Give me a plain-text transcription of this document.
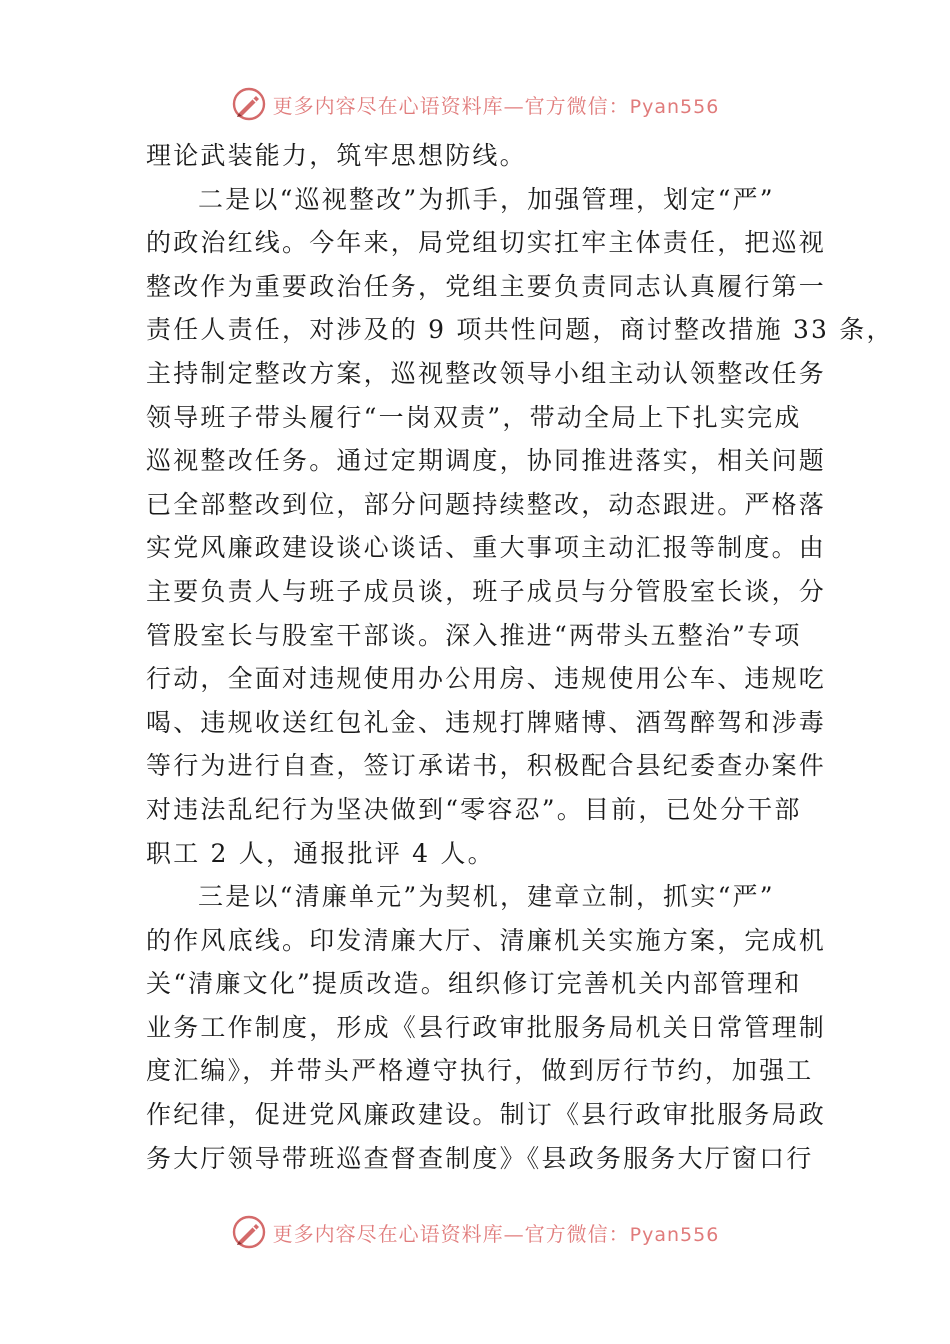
更多内容尽在心语资料库—官方微信：Pyan556
理论武装能力，筑牢思想防线。
二是以“巡视整改”为抓手，加强管理，划定“严”
的政治红线。今年来，局党组切实扛牢主体责任，把巡视
整改作为重要政治任务，党组主要负责同志认真履行第一
责任人责任，对涉及的 9 项共性问题，商讨整改措施 33 条，
主持制定整改方案，巡视整改领导小组主动认领整改任务
领导班子带头履行“一岗双责”，带动全局上下扎实完成
巡视整改任务。通过定期调度，协同推进落实，相关问题
已全部整改到位，部分问题持续整改，动态跟进。严格落
实党风廉政建设谈心谈话、重大事项主动汇报等制度。由
主要负责人与班子成员谈，班子成员与分管股室长谈，分
管股室长与股室干部谈。深入推进“两带头五整治”专项
行动，全面对违规使用办公用房、违规使用公车、违规吃
喝、违规收送红包礼金、违规打牌赌博、酒驾醉驾和涉毒
等行为进行自查，签订承诺书，积极配合县纪委查办案件
对违法乱纪行为坚决做到“零容忍”。目前，已处分干部
职工 2 人，通报批评 4 人。
三是以“清廉单元”为契机，建章立制，抓实“严”
的作风底线。印发清廉大厅、清廉机关实施方案，完成机
关“清廉文化”提质改造。组织修订完善机关内部管理和
业务工作制度，形成《县行政审批服务局机关日常管理制
度汇编》，并带头严格遵守执行，做到厉行节约，加强工
作纪律，促进党风廉政建设。制订《县行政审批服务局政
务大厅领导带班巡查督查制度》《县政务服务大厅窗口行
更多内容尽在心语资料库—官方微信：Pyan556
